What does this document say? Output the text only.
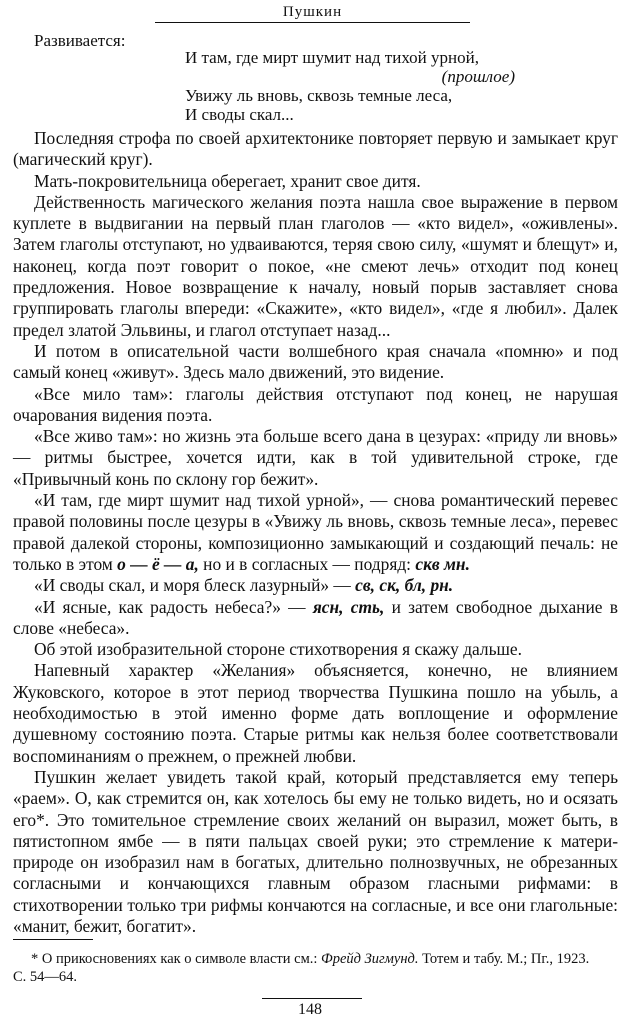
Пушкин
Развивается:
И там, где мирт шумит над тихой урной,
(прошлое)
Увижу ль вновь, сквозь темные леса,
И своды скал...

Последняя строфа по своей архитектонике повторяет первую и замыкает круг (магический круг).

Мать-покровительница оберегает, хранит свое дитя.

Действенность магического желания поэта нашла свое выражение в первом куплете в выдвигании на первый план глаголов — «кто видел», «оживлены». Затем глаголы отступают, но удваиваются, теряя свою силу, «шумят и блещут» и, наконец, когда поэт говорит о покое, «не смеют лечь» отходит под конец предложения. Новое возвращение к началу, новый порыв заставляет снова группировать глаголы впереди: «Скажите», «кто видел», «где я любил». Далек предел златой Эльвины, и глагол отступает назад...

И потом в описательной части волшебного края сначала «помню» и под самый конец «живут». Здесь мало движений, это видение.

«Все мило там»: глаголы действия отступают под конец, не нарушая очарования видения поэта.

«Все живо там»: но жизнь эта больше всего дана в цезурах: «приду ли вновь» — ритмы быстрее, хочется идти, как в той удивительной строке, где «Привычный конь по склону гор бежит».

«И там, где мирт шумит над тихой урной», — снова романтический перевес правой половины после цезуры в «Увижу ль вновь, сквозь темные леса», перевес правой далекой стороны, композиционно замыкающий и создающий печаль: не только в этом о — ё — а, но и в согласных — подряд: скв мн.

«И своды скал, и моря блеск лазурный» — св, ск, бл, рн.

«И ясные, как радость небеса?» — ясн, сть, и затем свободное дыхание в слове «небеса».

Об этой изобразительной стороне стихотворения я скажу дальше.

Напевный характер «Желания» объясняется, конечно, не влиянием Жуковского, которое в этот период творчества Пушкина пошло на убыль, а необходимостью в этой именно форме дать воплощение и оформление душевному состоянию поэта. Старые ритмы как нельзя более соответствовали воспоминаниям о прежнем, о прежней любви.

Пушкин желает увидеть такой край, который представляется ему теперь «раем». О, как стремится он, как хотелось бы ему не только видеть, но и осязать его*. Это томительное стремление своих желаний он выразил, может быть, в пятистопном ямбе — в пяти пальцах своей руки; это стремление к матери-природе он изобразил нам в богатых, длительно полнозвучных, не обрезанных согласными и кончающихся главным образом гласными рифмами: в стихотворении только три рифмы кончаются на согласные, и все они глагольные: «манит, бежит, богатит».

* О прикосновениях как о символе власти см.: Фрейд Зигмунд. Тотем и табу. М.; Пг., 1923. С. 54—64.
148
